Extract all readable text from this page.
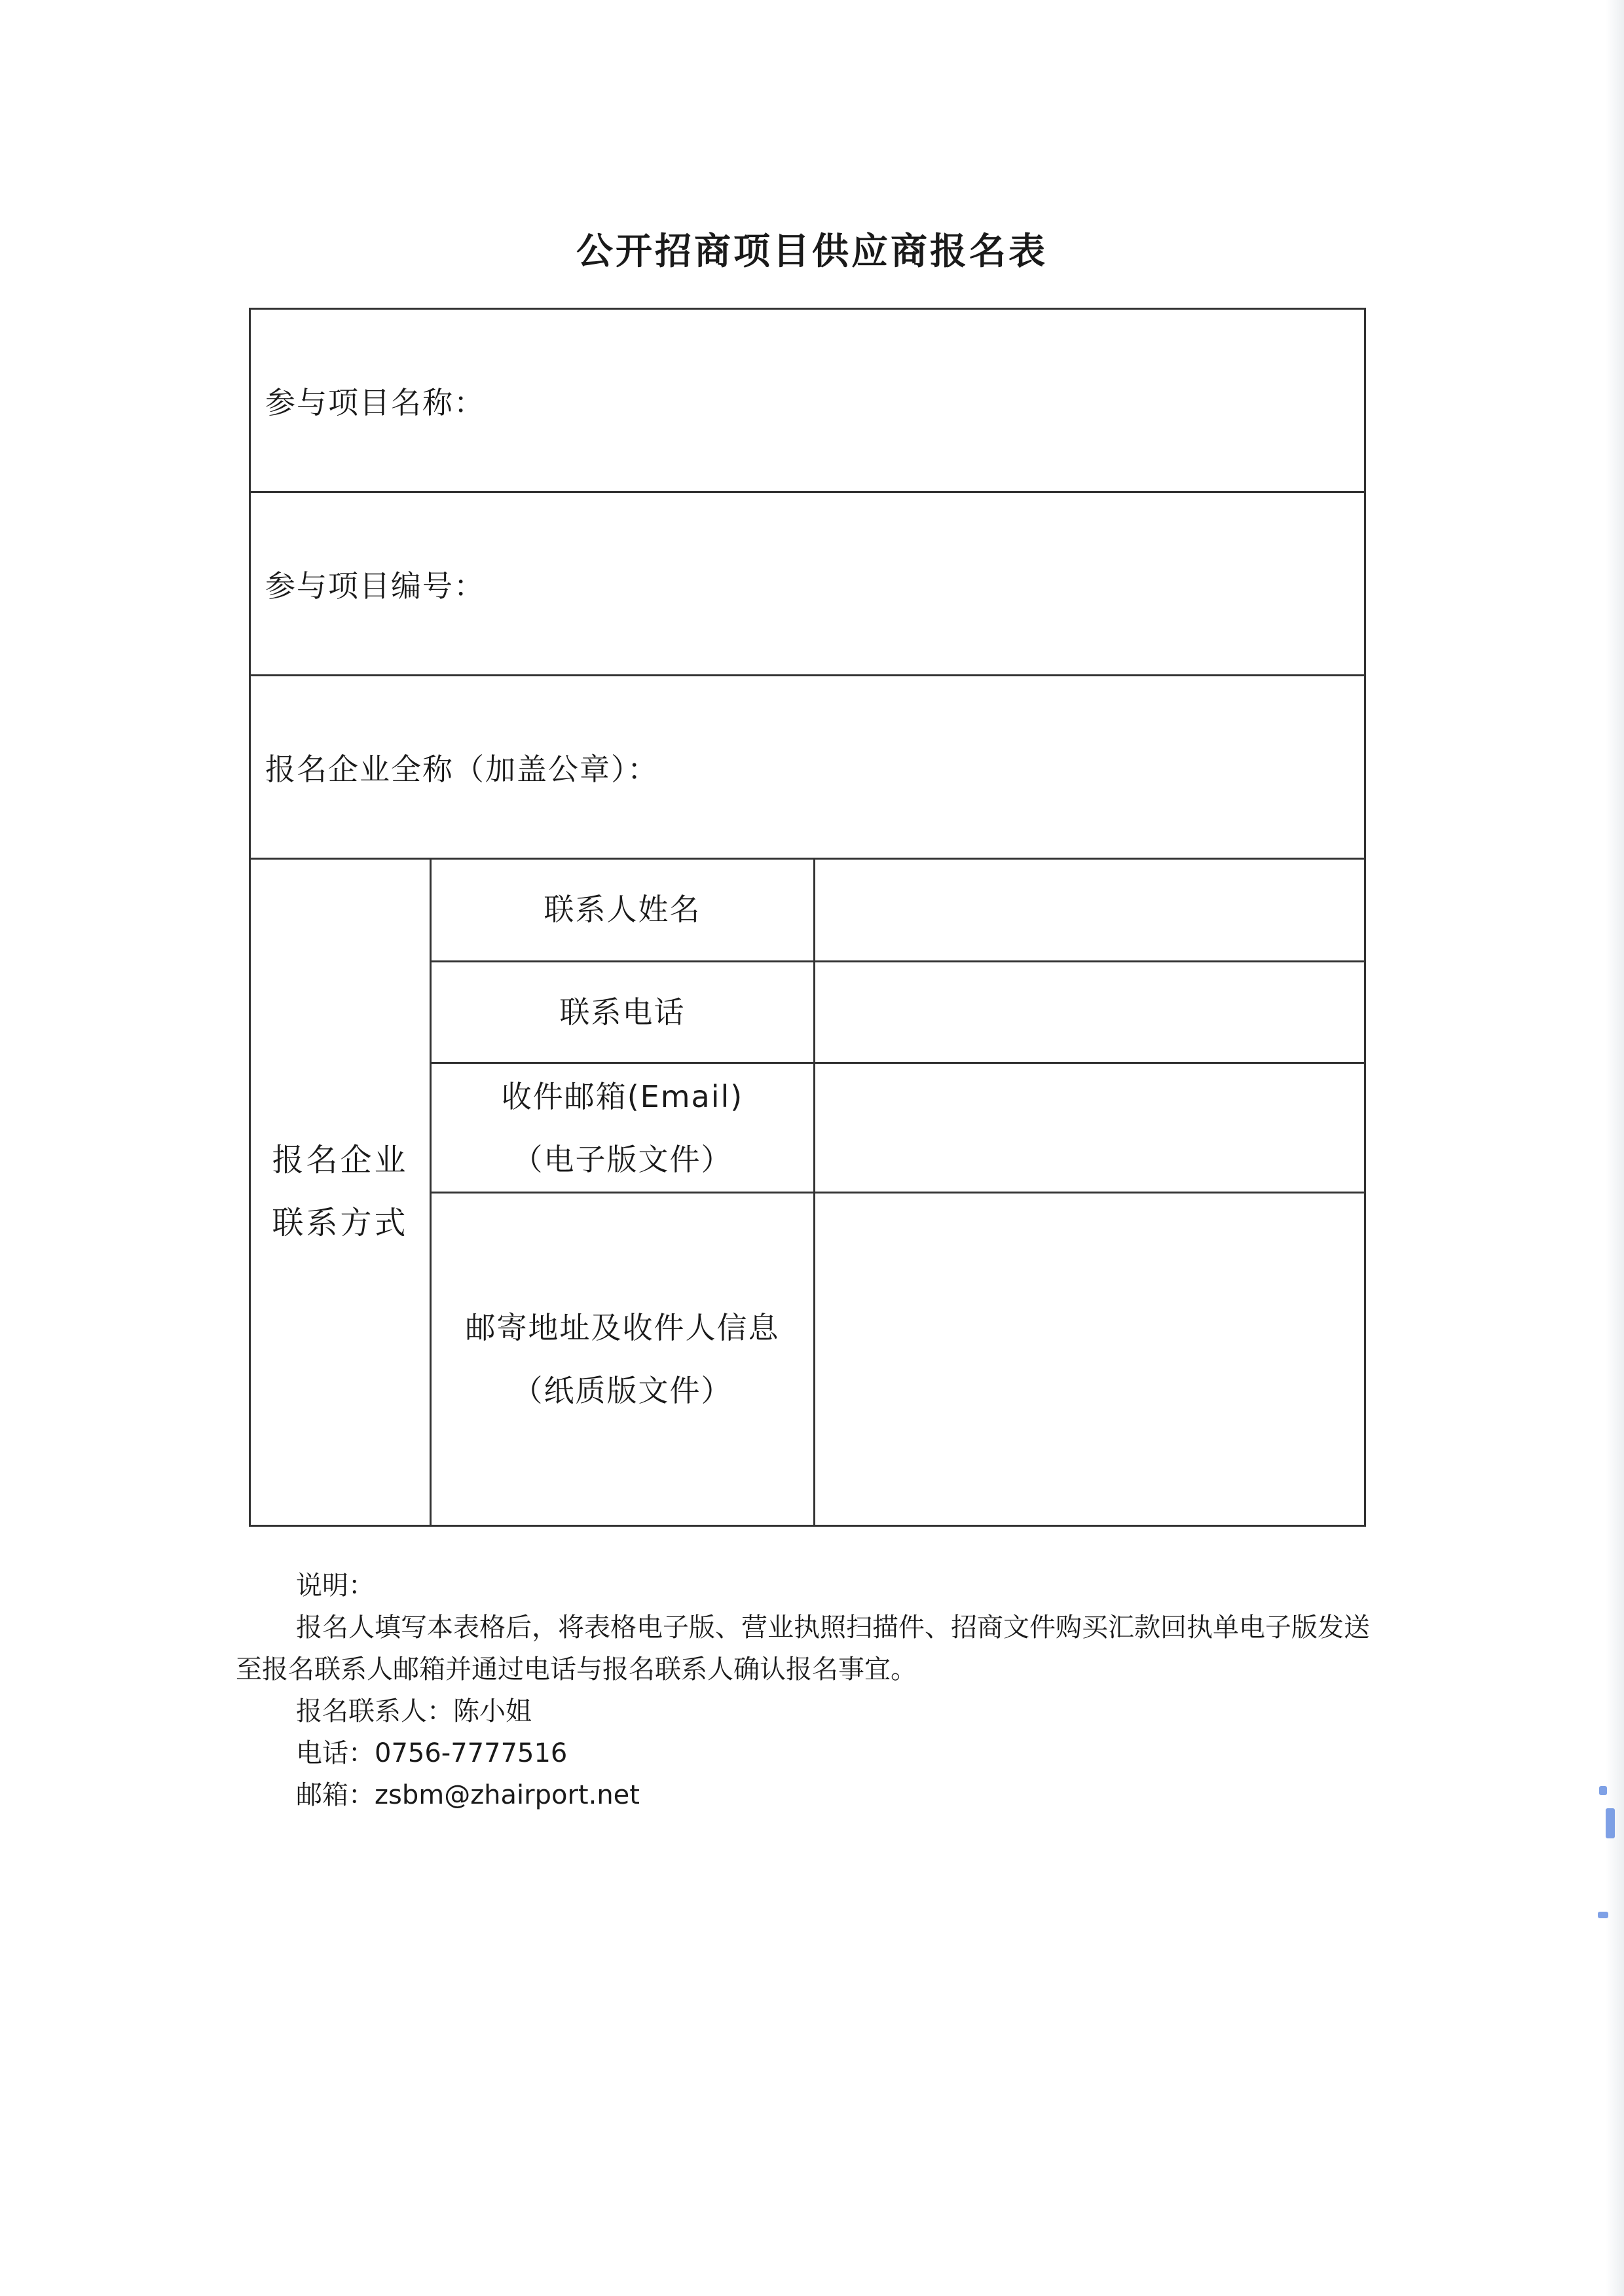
公开招商项目供应商报名表
参与项目名称：
参与项目编号：
报名企业全称（加盖公章）：
报名企业
联系方式
联系人姓名
联系电话
收件邮箱(Email)
（电子版文件）
邮寄地址及收件人信息
（纸质版文件）
说明：
报名人填写本表格后，将表格电子版、营业执照扫描件、招商文件购买汇款回执单电子版发送至报名联系人邮箱并通过电话与报名联系人确认报名事宜。
报名联系人：陈小姐
电话：0756-7777516
邮箱：zsbm@zhairport.net
